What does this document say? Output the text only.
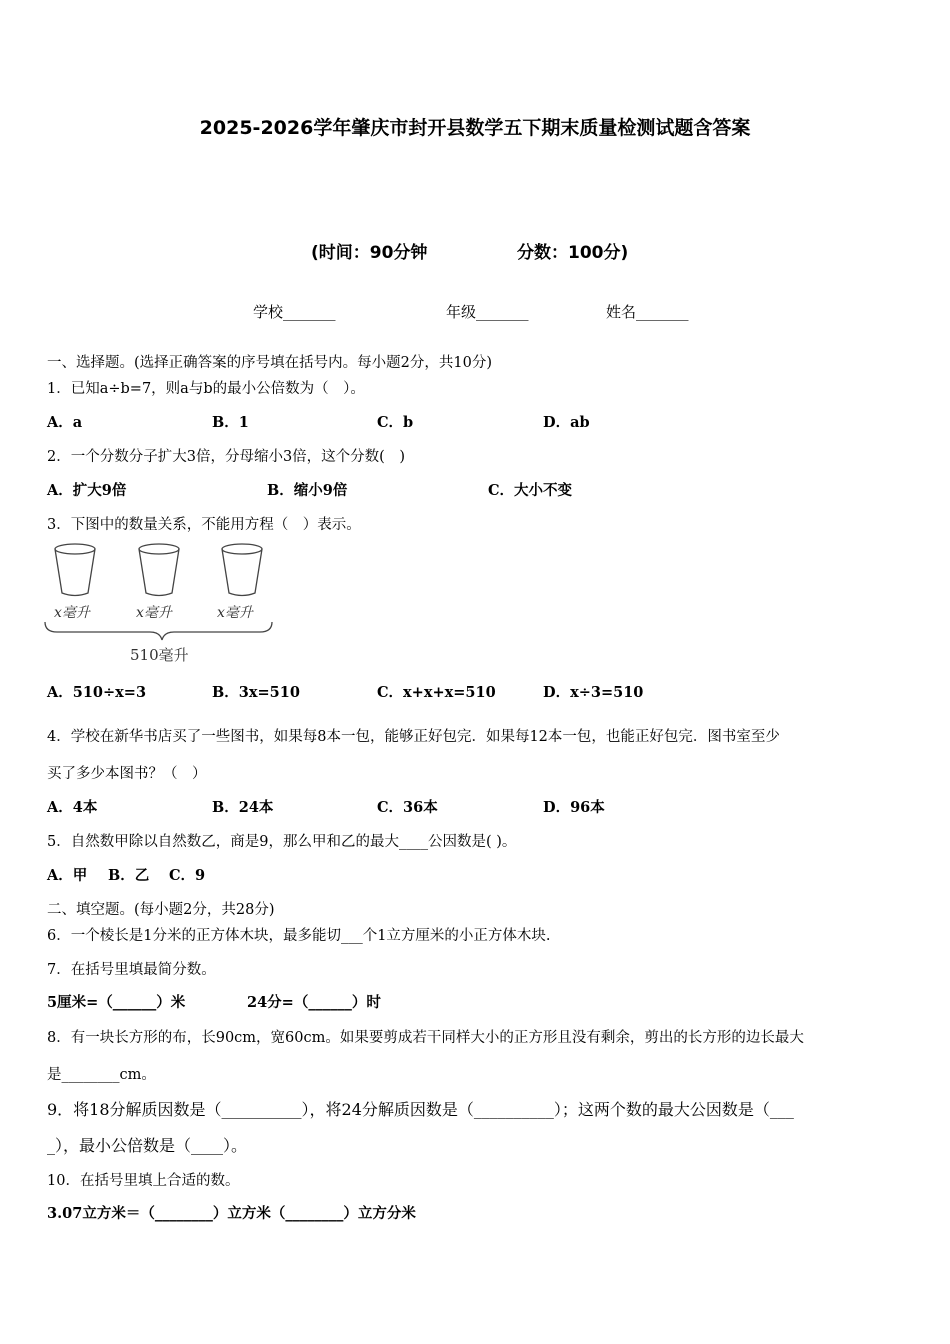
2025-2026学年肇庆市封开县数学五下期末质量检测试题含答案
(时间：90分钟	分数：100分)
学校_______	年级_______	姓名_______
一、选择题。(选择正确答案的序号填在括号内。每小题2分，共10分)
1．已知a÷b=7，则a与b的最小公倍数为（　）。
A．a	B．1	C．b	D．ab
2．一个分数分子扩大3倍，分母缩小3倍，这个分数(　)
A．扩大9倍	B．缩小9倍	C．大小不变
3．下图中的数量关系，不能用方程（　）表示。
x毫升	x毫升	x毫升
510毫升
A．510÷x=3	B．3x=510	C．x+x+x=510	D．x÷3=510
4．学校在新华书店买了一些图书，如果每8本一包，能够正好包完．如果每12本一包，也能正好包完．图书室至少
买了多少本图书？（　）
A．4本	B．24本	C．36本	D．96本
5．自然数甲除以自然数乙，商是9，那么甲和乙的最大____公因数是( )。
A．甲 B．乙 C．9
二、填空题。(每小题2分，共28分)
6．一个棱长是1分米的正方体木块，最多能切___个1立方厘米的小正方体木块.
7．在括号里填最简分数。
5厘米=（______）米	24分=（______）时
8．有一块长方形的布，长90cm，宽60cm。如果要剪成若干同样大小的正方形且没有剩余，剪出的长方形的边长最大
是________cm。
9．将18分解质因数是（__________），将24分解质因数是（__________）；这两个数的最大公因数是（___
_），最小公倍数是（____）。
10．在括号里填上合适的数。
3.07立方米＝（________）立方米（________）立方分米
